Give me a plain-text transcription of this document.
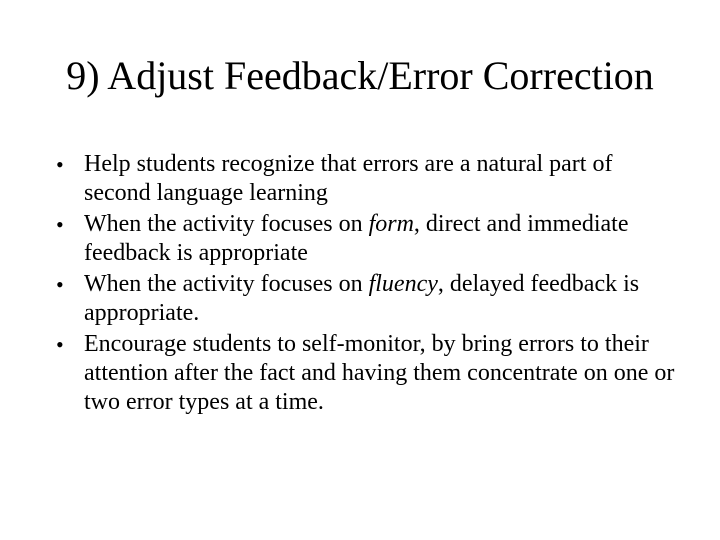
9) Adjust Feedback/Error Correction
• Help students recognize that errors are a natural part of second language learning
• When the activity focuses on form, direct and immediate feedback is appropriate
• When the activity focuses on fluency, delayed feedback is appropriate.
• Encourage students to self-monitor, by bring errors to their attention after the fact and having them concentrate on one or two error types at a time.
